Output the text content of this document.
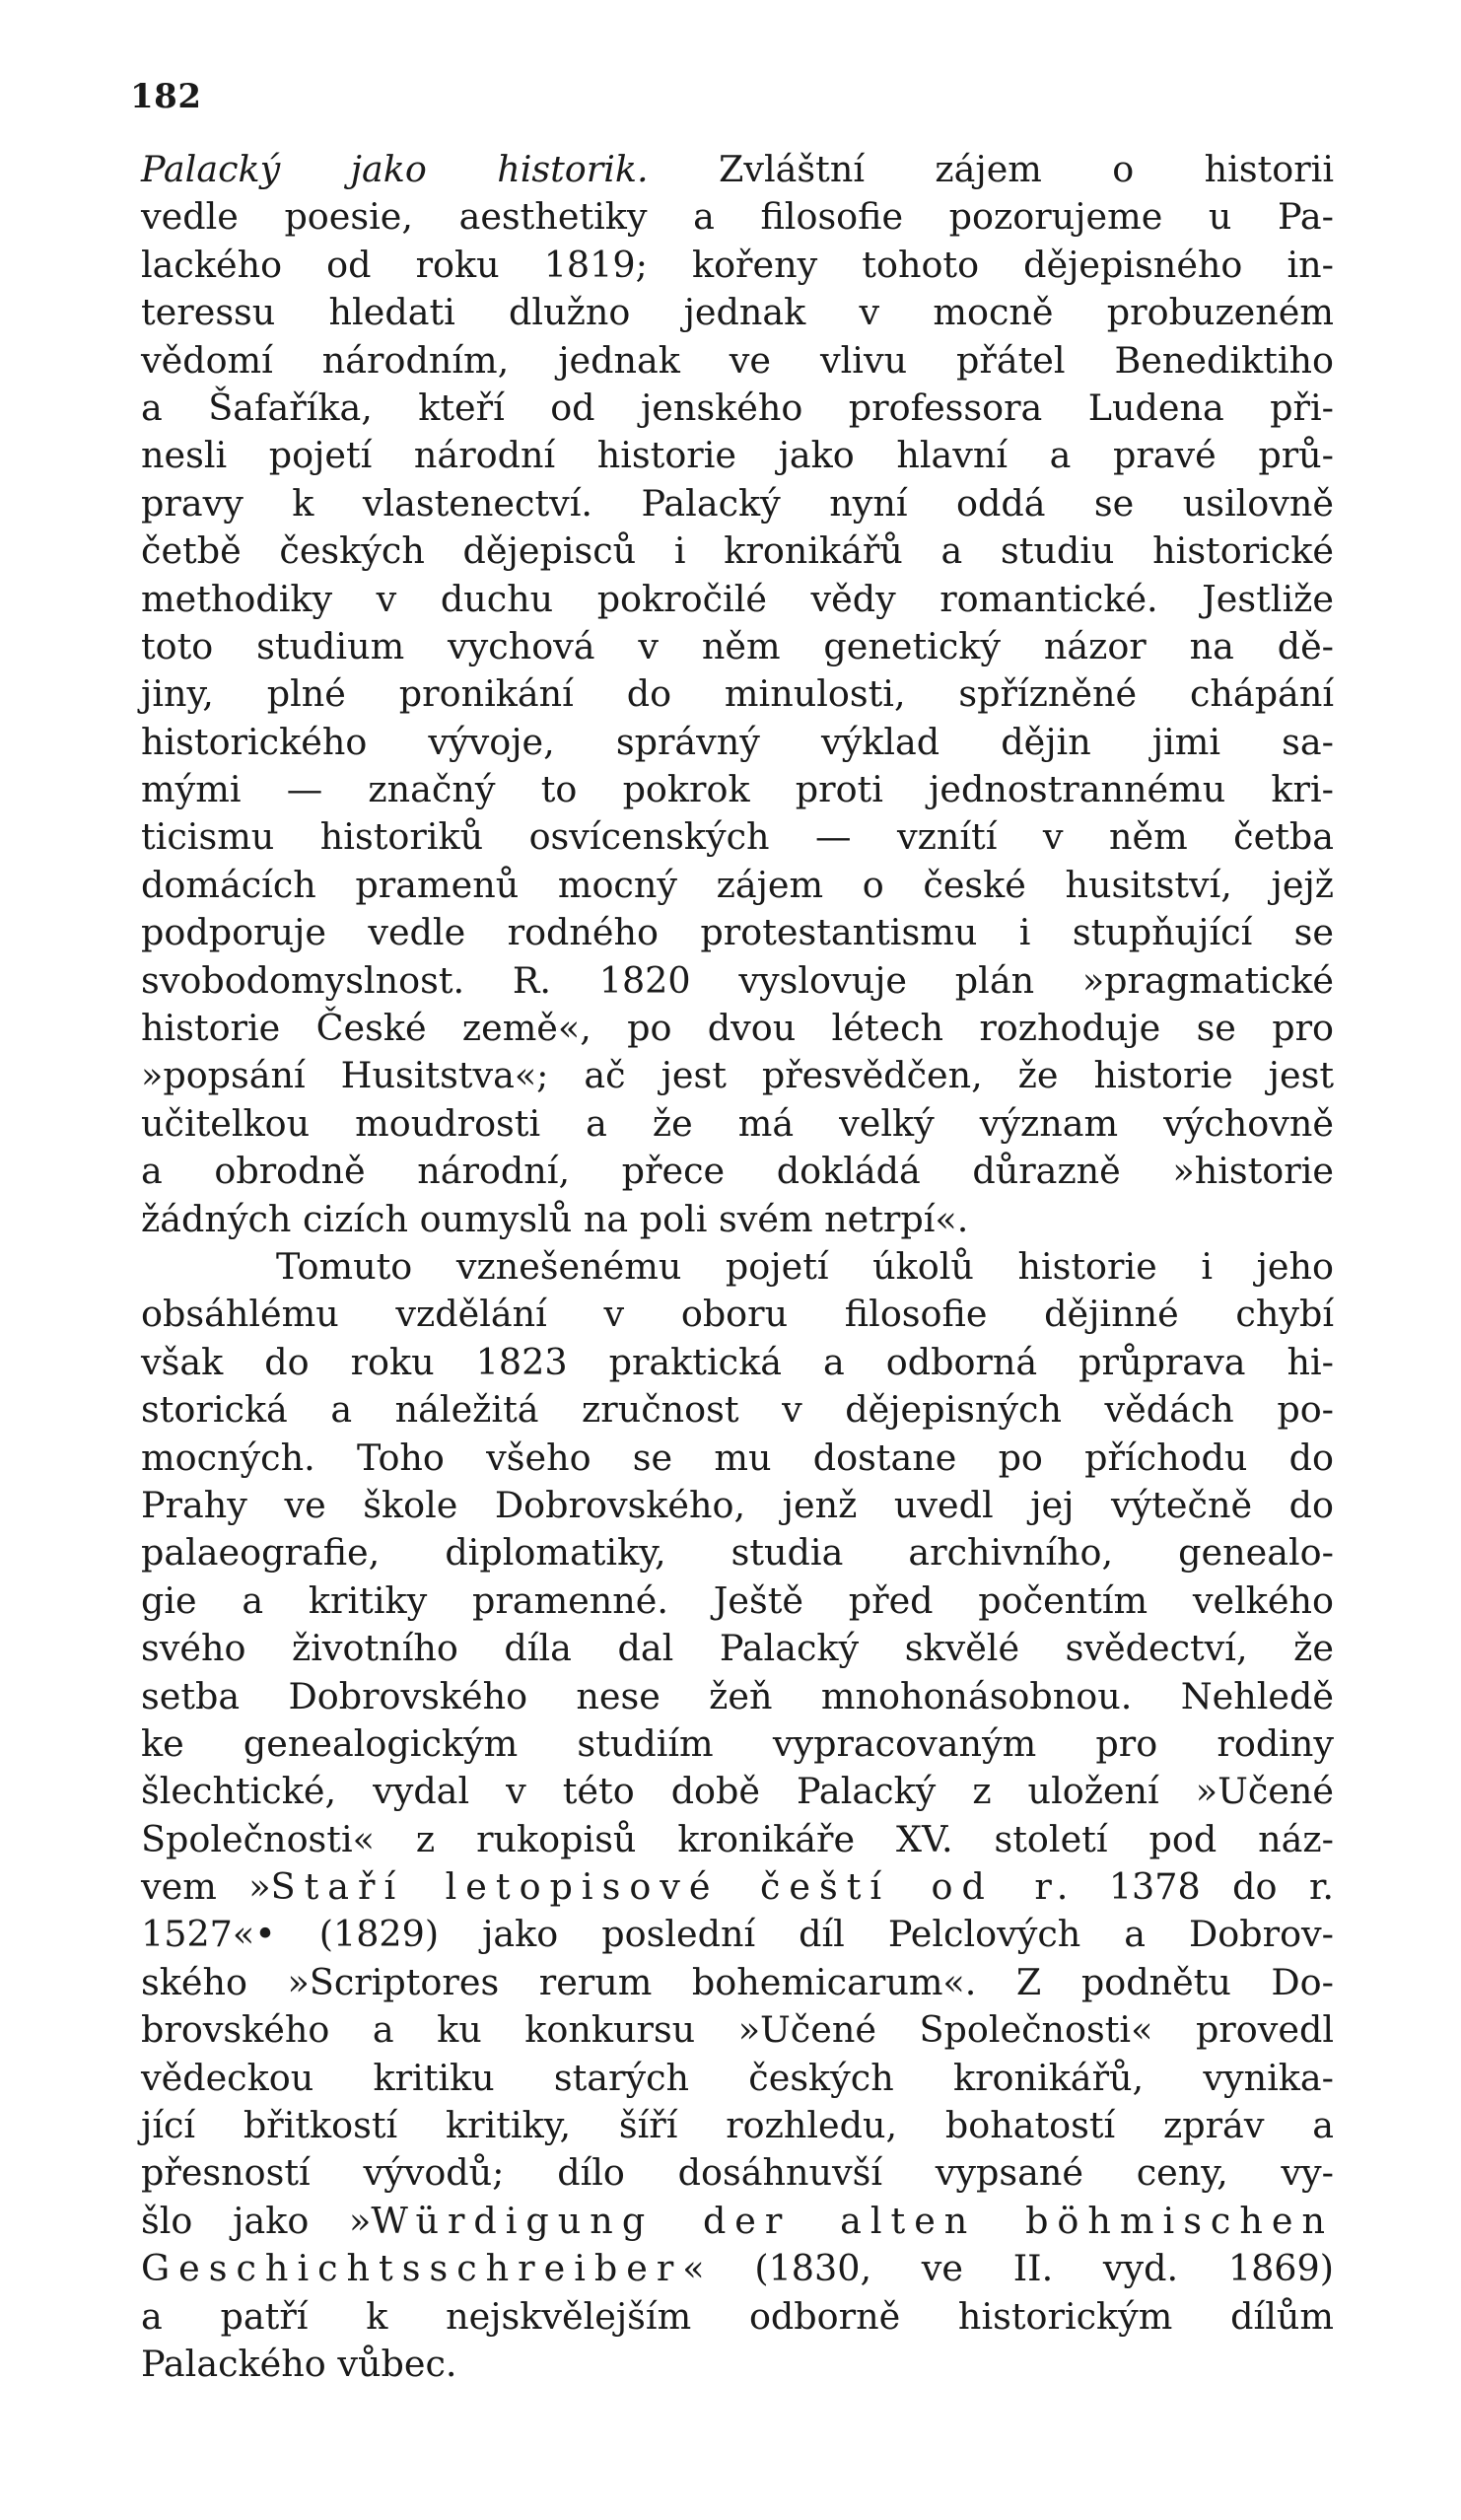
182
Palacký jako historik. Zvláštní zájem o historii
vedle poesie, aesthetiky a filosofie pozorujeme u Pa-
lackého od roku 1819; kořeny tohoto dějepisného in-
teressu hledati dlužno jednak v mocně probuzeném
vědomí národním, jednak ve vlivu přátel Benediktiho
a Šafaříka, kteří od jenského professora Ludena při-
nesli pojetí národní historie jako hlavní a pravé prů-
pravy k vlastenectví. Palacký nyní oddá se usilovně
četbě českých dějepisců i kronikářů a studiu historické
methodiky v duchu pokročilé vědy romantické. Jestliže
toto studium vychová v něm genetický názor na dě-
jiny, plné pronikání do minulosti, spřízněné chápání
historického vývoje, správný výklad dějin jimi sa-
mými — značný to pokrok proti jednostrannému kri-
ticismu historiků osvícenských — vznítí v něm četba
domácích pramenů mocný zájem o české husitství, jejž
podporuje vedle rodného protestantismu i stupňující se
svobodomyslnost. R. 1820 vyslovuje plán »pragmatické
historie České země«, po dvou létech rozhoduje se pro
»popsání Husitstva«; ač jest přesvědčen, že historie jest
učitelkou moudrosti a že má velký význam výchovně
a obrodně národní, přece dokládá důrazně »historie
žádných cizích oumyslů na poli svém netrpí«.
Tomuto vznešenému pojetí úkolů historie i jeho
obsáhlému vzdělání v oboru filosofie dějinné chybí
však do roku 1823 praktická a odborná průprava hi-
storická a náležitá zručnost v dějepisných vědách po-
mocných. Toho všeho se mu dostane po příchodu do
Prahy ve škole Dobrovského, jenž uvedl jej výtečně do
palaeografie, diplomatiky, studia archivního, genealo-
gie a kritiky pramenné. Ještě před počentím velkého
svého životního díla dal Palacký skvělé svědectví, že
setba Dobrovského nese žeň mnohonásobnou. Nehledě
ke genealogickým studiím vypracovaným pro rodiny
šlechtické, vydal v této době Palacký z uložení »Učené
Společnosti« z rukopisů kronikáře XV. století pod náz-
vem »Staří letopisové čeští od r. 1378 do r.
1527«• (1829) jako poslední díl Pelclových a Dobrov-
ského »Scriptores rerum bohemicarum«. Z podnětu Do-
brovského a ku konkursu »Učené Společnosti« provedl
vědeckou kritiku starých českých kronikářů, vynika-
jící břitkostí kritiky, šíří rozhledu, bohatostí zpráv a
přesností vývodů; dílo dosáhnuvší vypsané ceny, vy-
šlo jako »Würdigung der alten böhmischen
Geschichtsschreiber« (1830, ve II. vyd. 1869)
a patří k nejskvělejším odborně historickým dílům
Palackého vůbec.
